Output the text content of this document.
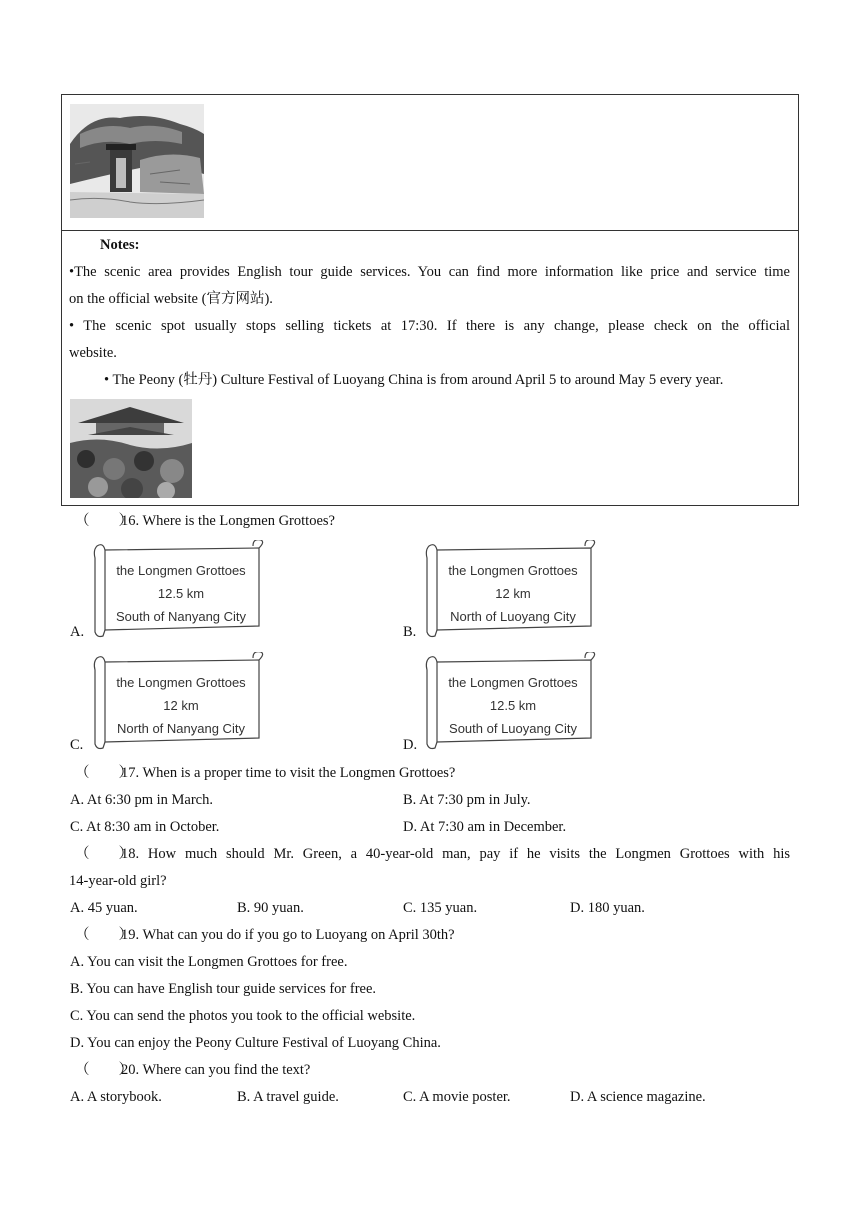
Notes:
•The scenic area provides English tour guide services. You can find more information like price and service time
on the official website (官方网站).
• The scenic spot usually stops selling tickets at 17:30. If there is any change, please check on the official
website.
• The Peony (牡丹) Culture Festival of Luoyang China is from around April 5 to around May 5 every year.
（　　）16. Where is the Longmen Grottoes?
A.
the Longmen Grottoes
12.5 km
South of Nanyang City
B.
the Longmen Grottoes
12 km
North of Luoyang City
C.
the Longmen Grottoes
12 km
North of Nanyang City
D.
the Longmen Grottoes
12.5 km
South of Luoyang City
（　　）17. When is a proper time to visit the Longmen Grottoes?
A. At 6:30 pm in March.	B. At 7:30 pm in July.
C. At 8:30 am in October.	D. At 7:30 am in December.
（　　）18. How much should Mr. Green, a 40-year-old man, pay if he visits the Longmen Grottoes with his
14-year-old girl?
A. 45 yuan.	B. 90 yuan.	C. 135 yuan.	D. 180 yuan.
（　　）19. What can you do if you go to Luoyang on April 30th?
A. You can visit the Longmen Grottoes for free.
B. You can have English tour guide services for free.
C. You can send the photos you took to the official website.
D. You can enjoy the Peony Culture Festival of Luoyang China.
（　　）20. Where can you find the text?
A. A storybook.	B. A travel guide.	C. A movie poster.	D. A science magazine.
